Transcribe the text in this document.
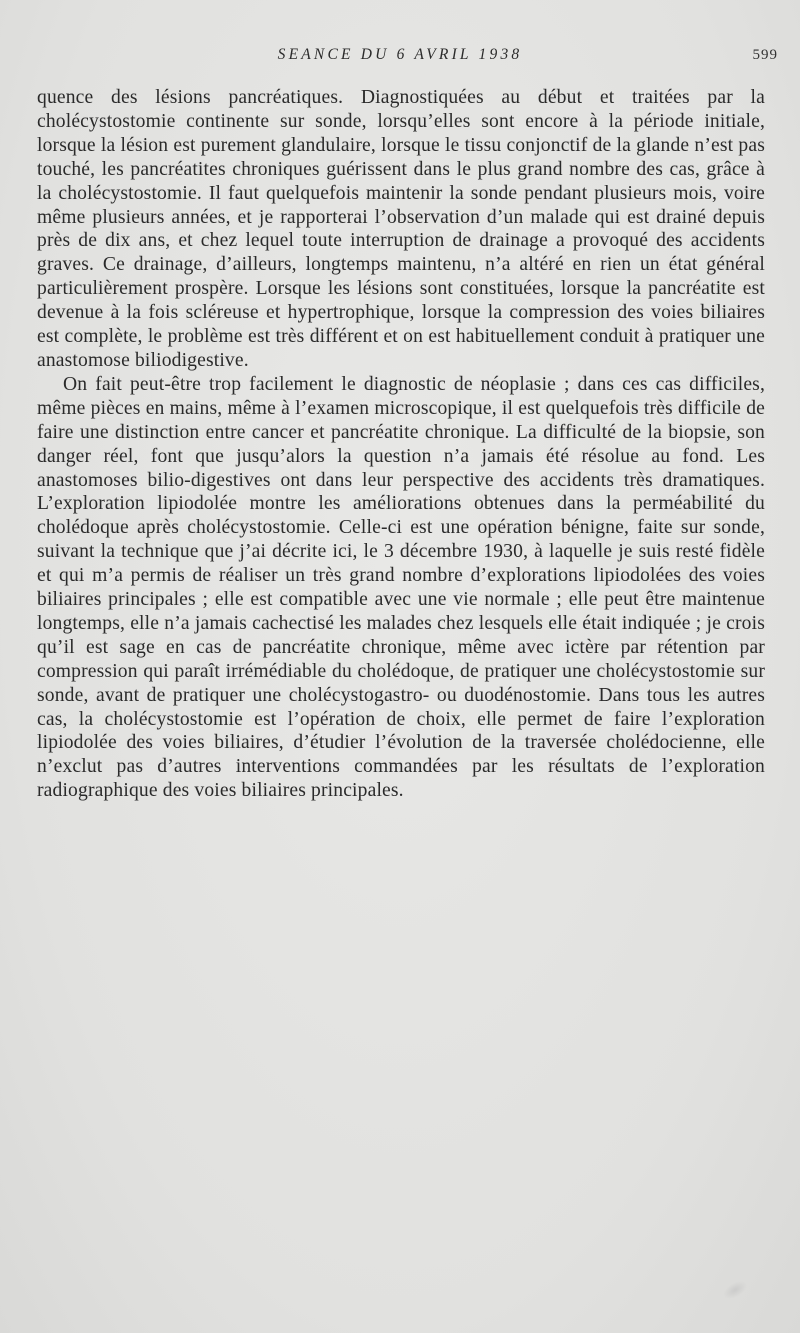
SEANCE DU 6 AVRIL 1938	599

quence des lésions pancréatiques. Diagnostiquées au début et traitées par la cholécystostomie continente sur sonde, lorsqu’elles sont encore à la période initiale, lorsque la lésion est purement glandulaire, lorsque le tissu conjonctif de la glande n’est pas touché, les pancréatites chroniques guérissent dans le plus grand nombre des cas, grâce à la cholécystostomie. Il faut quelquefois maintenir la sonde pendant plusieurs mois, voire même plusieurs années, et je rapporterai l’observation d’un malade qui est drainé depuis près de dix ans, et chez lequel toute interruption de drainage a provoqué des accidents graves. Ce drainage, d’ailleurs, longtemps maintenu, n’a altéré en rien un état général particulièrement prospère. Lorsque les lésions sont constituées, lorsque la pancréatite est devenue à la fois scléreuse et hypertrophique, lorsque la compression des voies biliaires est complète, le problème est très différent et on est habituellement conduit à pratiquer une anastomose biliodigestive.

On fait peut-être trop facilement le diagnostic de néoplasie ; dans ces cas difficiles, même pièces en mains, même à l’examen microscopique, il est quelquefois très difficile de faire une distinction entre cancer et pancréatite chronique. La difficulté de la biopsie, son danger réel, font que jusqu’alors la question n’a jamais été résolue au fond. Les anastomoses bilio-digestives ont dans leur perspective des accidents très dramatiques. L’exploration lipiodolée montre les améliorations obtenues dans la perméabilité du cholédoque après cholécystostomie. Celle-ci est une opération bénigne, faite sur sonde, suivant la technique que j’ai décrite ici, le 3 décembre 1930, à laquelle je suis resté fidèle et qui m’a permis de réaliser un très grand nombre d’explorations lipiodolées des voies biliaires principales ; elle est compatible avec une vie normale ; elle peut être maintenue longtemps, elle n’a jamais cachectisé les malades chez lesquels elle était indiquée ; je crois qu’il est sage en cas de pancréatite chronique, même avec ictère par rétention par compression qui paraît irrémédiable du cholédoque, de pratiquer une cholécystostomie sur sonde, avant de pratiquer une cholécystogastro- ou duodénostomie. Dans tous les autres cas, la cholécystostomie est l’opération de choix, elle permet de faire l’exploration lipiodolée des voies biliaires, d’étudier l’évolution de la traversée cholédocienne, elle n’exclut pas d’autres interventions commandées par les résultats de l’exploration radiographique des voies biliaires principales.
